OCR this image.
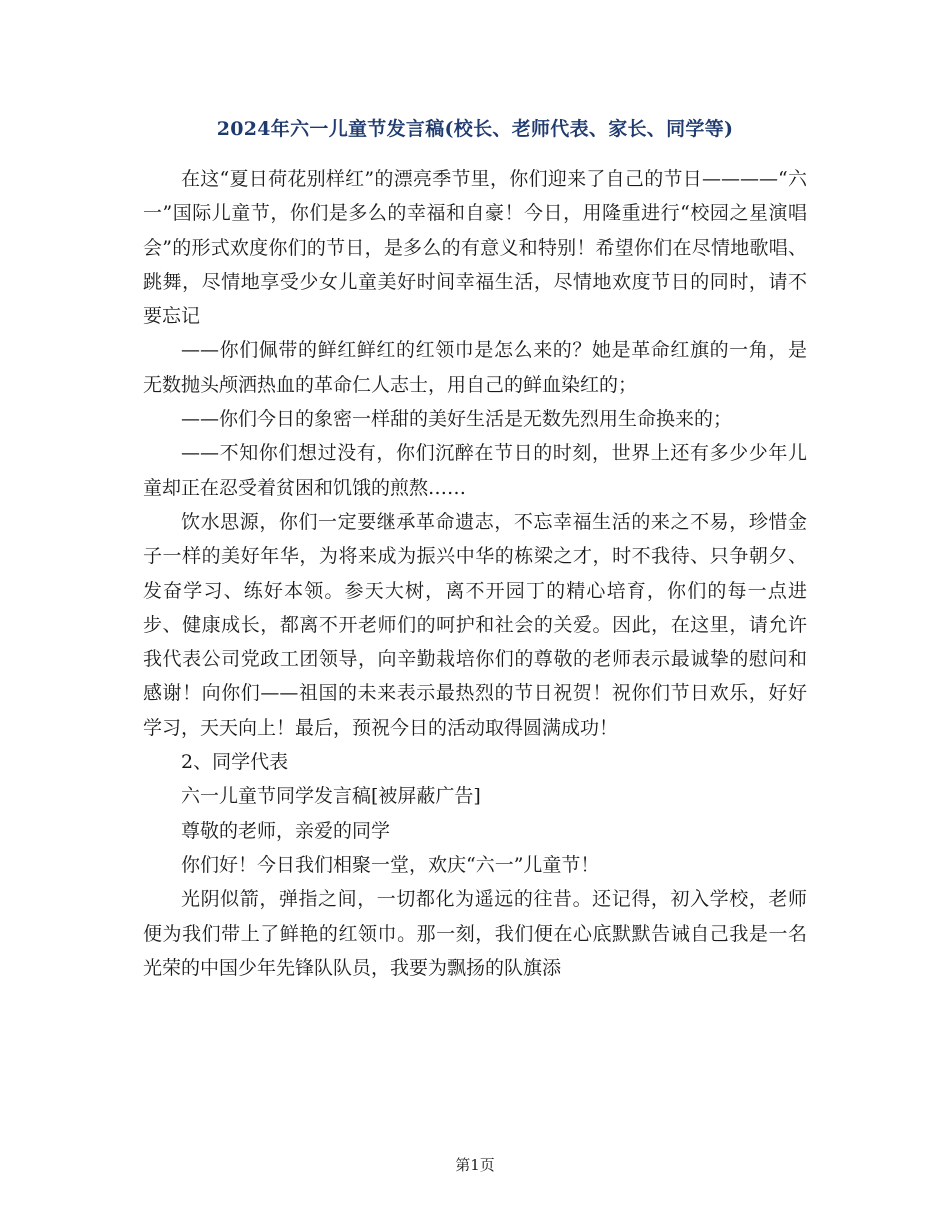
2024年六一儿童节发言稿(校长、老师代表、家长、同学等)

在这“夏日荷花别样红”的漂亮季节里，你们迎来了自己的节日————“六一”国际儿童节，你们是多么的幸福和自豪！今日，用隆重进行“校园之星演唱会”的形式欢度你们的节日，是多么的有意义和特别！希望你们在尽情地歌唱、跳舞，尽情地享受少女儿童美好时间幸福生活，尽情地欢度节日的同时，请不要忘记

——你们佩带的鲜红鲜红的红领巾是怎么来的？她是革命红旗的一角，是无数抛头颅洒热血的革命仁人志士，用自己的鲜血染红的；

——你们今日的象密一样甜的美好生活是无数先烈用生命换来的；

——不知你们想过没有，你们沉醉在节日的时刻，世界上还有多少少年儿童却正在忍受着贫困和饥饿的煎熬……

饮水思源，你们一定要继承革命遗志，不忘幸福生活的来之不易，珍惜金子一样的美好年华，为将来成为振兴中华的栋梁之才，时不我待、只争朝夕、发奋学习、练好本领。参天大树，离不开园丁的精心培育，你们的每一点进步、健康成长，都离不开老师们的呵护和社会的关爱。因此，在这里，请允许我代表公司党政工团领导，向辛勤栽培你们的尊敬的老师表示最诚挚的慰问和感谢！向你们——祖国的未来表示最热烈的节日祝贺！祝你们节日欢乐，好好学习，天天向上！最后，预祝今日的活动取得圆满成功！

2、同学代表

六一儿童节同学发言稿[被屏蔽广告]

尊敬的老师，亲爱的同学

你们好！今日我们相聚一堂，欢庆“六一”儿童节！

光阴似箭，弹指之间，一切都化为遥远的往昔。还记得，初入学校，老师便为我们带上了鲜艳的红领巾。那一刻，我们便在心底默默告诫自己我是一名光荣的中国少年先锋队队员，我要为飘扬的队旗添

第1页
